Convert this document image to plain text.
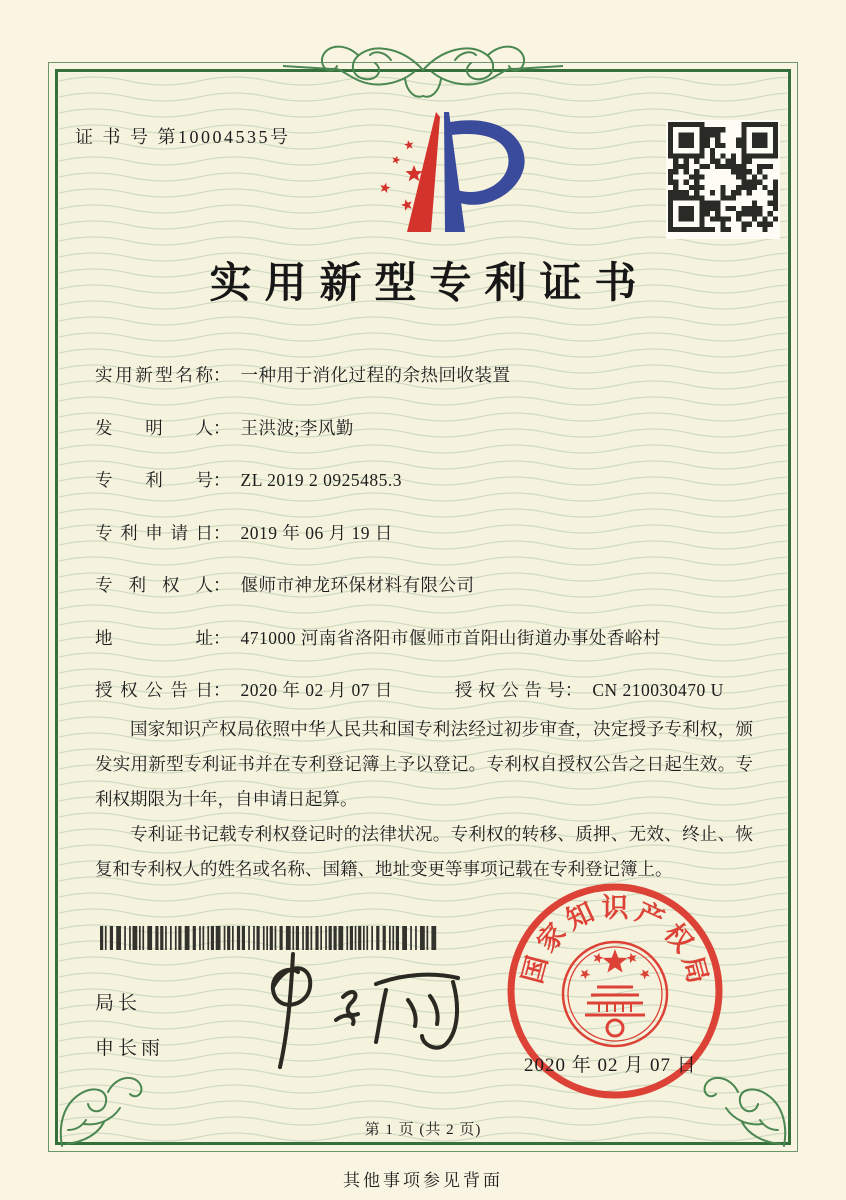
证 书 号 第10004535号
实用新型专利证书
实用新型名称 ： 一种用于消化过程的余热回收装置
发明人 ： 王洪波;李风勤
专利号 ： ZL 2019 2 0925485.3
专利申请日 ： 2019 年 06 月 19 日
专利权人 ： 偃师市神龙环保材料有限公司
地址 ： 471000 河南省洛阳市偃师市首阳山街道办事处香峪村
授权公告日 ： 2020 年 02 月 07 日	授权公告号 ： CN 210030470 U

国家知识产权局依照中华人民共和国专利法经过初步审查，决定授予专利权，颁发实用新型专利证书并在专利登记簿上予以登记。专利权自授权公告之日起生效。专利权期限为十年，自申请日起算。

专利证书记载专利权登记时的法律状况。专利权的转移、质押、无效、终止、恢复和专利权人的姓名或名称、国籍、地址变更等事项记载在专利登记簿上。

局长
申长雨
国
家
知 识 产
权
局
2020 年 02 月 07 日
第 1 页 (共 2 页)
其他事项参见背面
